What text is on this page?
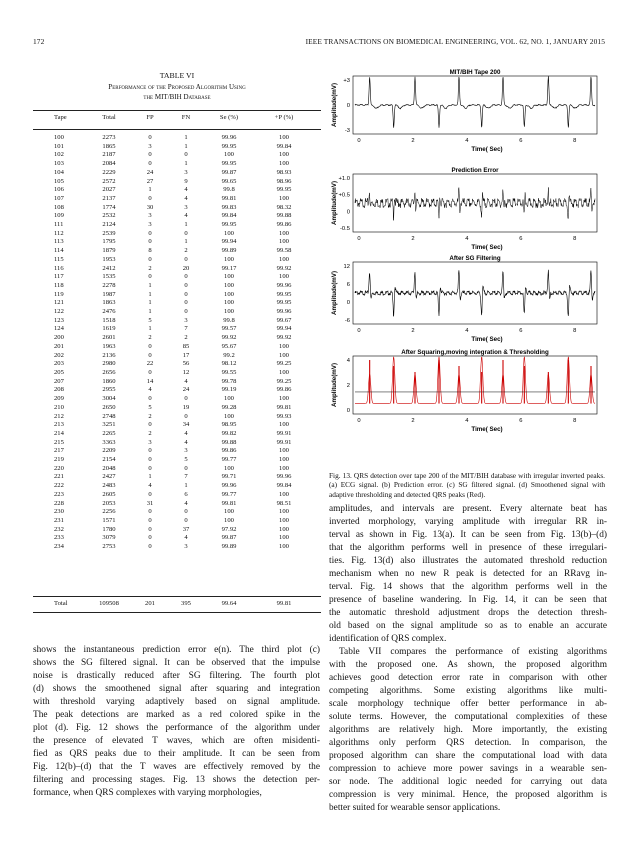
172	IEEE TRANSACTIONS ON BIOMEDICAL ENGINEERING, VOL. 62, NO. 1, JANUARY 2015
TABLE VI
Performance of the Proposed Algorithm Using
the MIT/BIH Database
Tape	Total	FP	FN	Se (%)	+P (%)
100	2273	0	1	99.96	100
101	1865	3	1	99.95	99.84
102	2187	0	0	100	100
103	2084	0	1	99.95	100
104	2229	24	3	99.87	98.93
105	2572	27	9	99.65	98.96
106	2027	1	4	99.8	99.95
107	2137	0	4	99.81	100
108	1774	30	3	99.83	98.32
109	2532	3	4	99.84	99.88
111	2124	3	1	99.95	99.86
112	2539	0	0	100	100
113	1795	0	1	99.94	100
114	1879	8	2	99.89	99.58
115	1953	0	0	100	100
116	2412	2	20	99.17	99.92
117	1535	0	0	100	100
118	2278	1	0	100	99.96
119	1987	1	0	100	99.95
121	1863	1	0	100	99.95
122	2476	1	0	100	99.96
123	1518	5	3	99.8	99.67
124	1619	1	7	99.57	99.94
200	2601	2	2	99.92	99.92
201	1963	0	85	95.67	100
202	2136	0	17	99.2	100
203	2980	22	56	98.12	99.25
205	2656	0	12	99.55	100
207	1860	14	4	99.78	99.25
208	2955	4	24	99.19	99.86
209	3004	0	0	100	100
210	2650	5	19	99.28	99.81
212	2748	2	0	100	99.93
213	3251	0	34	98.95	100
214	2265	2	4	99.82	99.91
215	3363	3	4	99.88	99.91
217	2209	0	3	99.86	100
219	2154	0	5	99.77	100
220	2048	0	0	100	100
221	2427	1	7	99.71	99.96
222	2483	4	1	99.96	99.84
223	2605	0	6	99.77	100
228	2053	31	4	99.81	98.51
230	2256	0	0	100	100
231	1571	0	0	100	100
232	1780	0	37	97.92	100
233	3079	0	4	99.87	100
234	2753	0	3	99.89	100
Total	109508	201	395	99.64	99.81
MIT/BIH Tape 200
Amplitude(mV)
Time( Sec)
0	2	4	6	8
+3
0
-3
Prediction Error
Amplitude(mV)
Time( Sec)
0	2	4	6	8
+1.0
+0.5
0
-0.5
After SG Filtering
Amplitude(mV)
Time( Sec)
0	2	4	6	8
12
6
0
-6
After Squaring,moving integration & Thresholding
Amplitude(mV)
Time( Sec)
0	2	4	6	8
4
2
0
Fig. 13. QRS detection over tape 200 of the MIT/BIH database with irregular inverted peaks. (a) ECG signal. (b) Prediction error. (c) SG filtered signal. (d) Smoothened signal with adaptive thresholding and detected QRS peaks (Red).

shows the instantaneous prediction error e(n). The third plot (c)

shows the SG filtered signal. It can be observed that the impulse

noise is drastically reduced after SG filtering. The fourth plot

(d) shows the smoothened signal after squaring and integration

with threshold varying adaptively based on signal amplitude.

The peak detections are marked as a red colored spike in the

plot (d). Fig. 12 shows the performance of the algorithm under

the presence of elevated T waves, which are often misidenti-

fied as QRS peaks due to their amplitude. It can be seen from

Fig. 12(b)–(d) that the T waves are effectively removed by the

filtering and processing stages. Fig. 13 shows the detection per-

formance, when QRS complexes with varying morphologies,

amplitudes, and intervals are present. Every alternate beat has

inverted morphology, varying amplitude with irregular RR in-

terval as shown in Fig. 13(a). It can be seen from Fig. 13(b)–(d)

that the algorithm performs well in presence of these irregulari-

ties. Fig. 13(d) also illustrates the automated threshold reduction

mechanism when no new R peak is detected for an RRavg in-

terval. Fig. 14 shows that the algorithm performs well in the

presence of baseline wandering. In Fig. 14, it can be seen that

the automatic threshold adjustment drops the detection thresh-

old based on the signal amplitude so as to enable an accurate

identification of QRS complex.

Table VII compares the performance of existing algorithms

with the proposed one. As shown, the proposed algorithm

achieves good detection error rate in comparison with other

competing algorithms. Some existing algorithms like multi-

scale morphology technique offer better performance in ab-

solute terms. However, the computational complexities of these

algorithms are relatively high. More importantly, the existing

algorithms only perform QRS detection. In comparison, the

proposed algorithm can share the computational load with data

compression to achieve more power savings in a wearable sen-

sor node. The additional logic needed for carrying out data

compression is very minimal. Hence, the proposed algorithm is

better suited for wearable sensor applications.
